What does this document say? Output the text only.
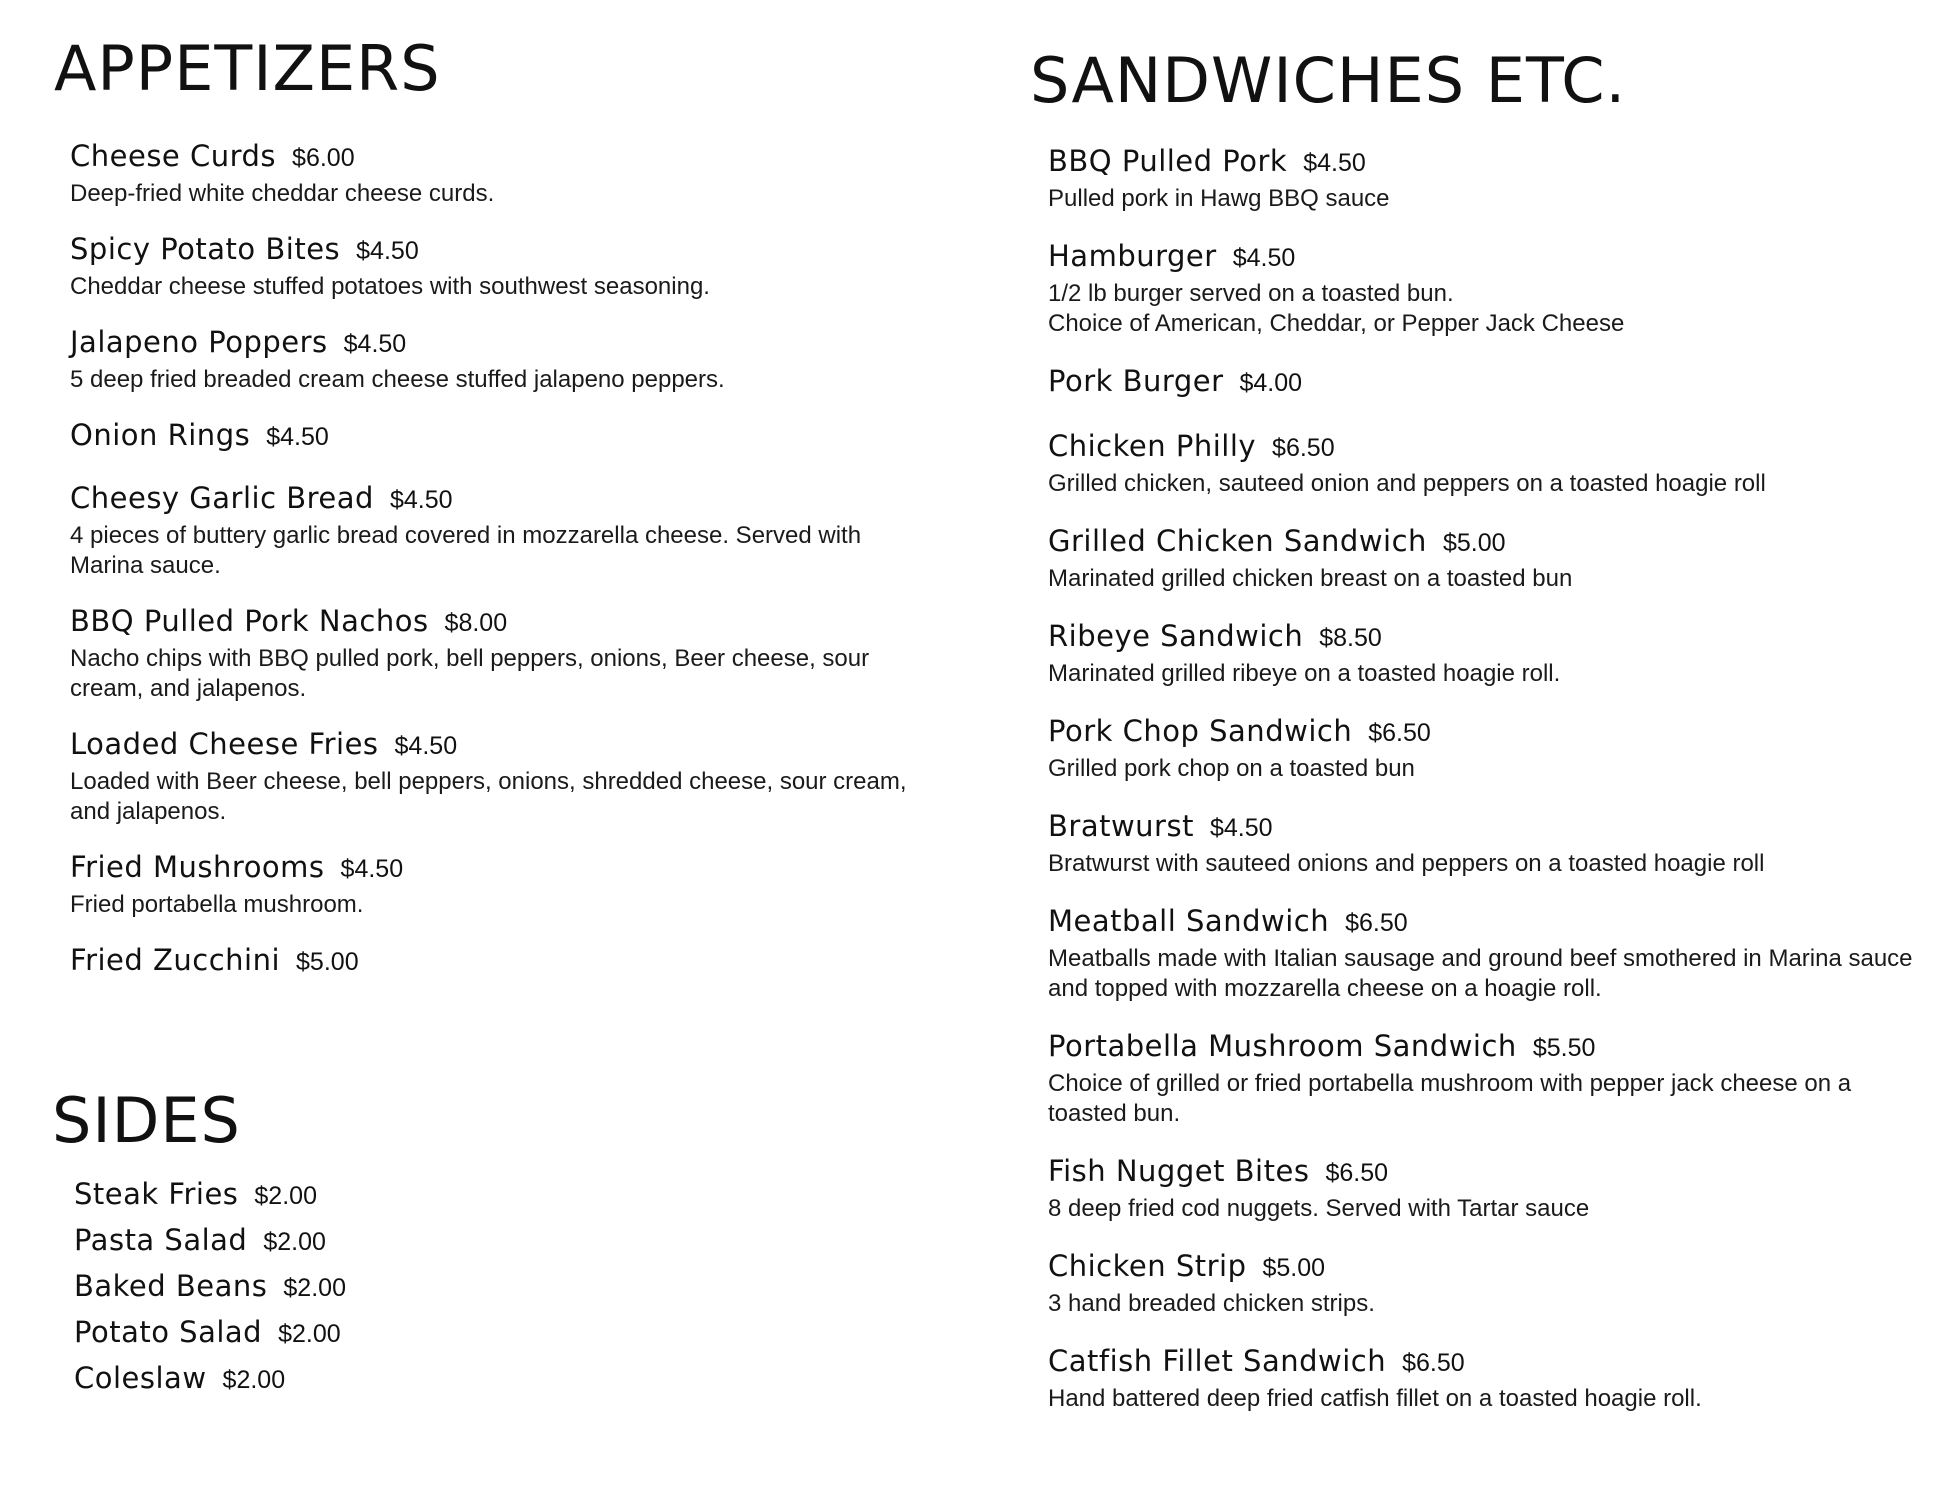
APPETIZERS
Cheese Curds $6.00
Deep-fried white cheddar cheese curds.
Spicy Potato Bites $4.50
Cheddar cheese stuffed potatoes with southwest seasoning.
Jalapeno Poppers $4.50
5 deep fried breaded cream cheese stuffed jalapeno peppers.
Onion Rings $4.50
Cheesy Garlic Bread $4.50
4 pieces of buttery garlic bread covered in mozzarella cheese. Served with Marina sauce.
BBQ Pulled Pork Nachos $8.00
Nacho chips with BBQ pulled pork, bell peppers, onions, Beer cheese, sour cream, and jalapenos.
Loaded Cheese Fries $4.50
Loaded with Beer cheese, bell peppers, onions, shredded cheese, sour cream, and jalapenos.
Fried Mushrooms $4.50
Fried portabella mushroom.
Fried Zucchini $5.00
SIDES
Steak Fries $2.00
Pasta Salad $2.00
Baked Beans $2.00
Potato Salad $2.00
Coleslaw $2.00
SANDWICHES ETC.
BBQ Pulled Pork $4.50
Pulled pork in Hawg BBQ sauce
Hamburger $4.50
1/2 lb burger served on a toasted bun.
Choice of American, Cheddar, or Pepper Jack Cheese
Pork Burger $4.00
Chicken Philly $6.50
Grilled chicken, sauteed onion and peppers on a toasted hoagie roll
Grilled Chicken Sandwich $5.00
Marinated grilled chicken breast on a toasted bun
Ribeye Sandwich $8.50
Marinated grilled ribeye on a toasted hoagie roll.
Pork Chop Sandwich $6.50
Grilled pork chop on a toasted bun
Bratwurst $4.50
Bratwurst with sauteed onions and peppers on a toasted hoagie roll
Meatball Sandwich $6.50
Meatballs made with Italian sausage and ground beef smothered in Marina sauce and topped with mozzarella cheese on a hoagie roll.
Portabella Mushroom Sandwich $5.50
Choice of grilled or fried portabella mushroom with pepper jack cheese on a toasted bun.
Fish Nugget Bites $6.50
8 deep fried cod nuggets. Served with Tartar sauce
Chicken Strip $5.00
3 hand breaded chicken strips.
Catfish Fillet Sandwich $6.50
Hand battered deep fried catfish fillet on a toasted hoagie roll.
